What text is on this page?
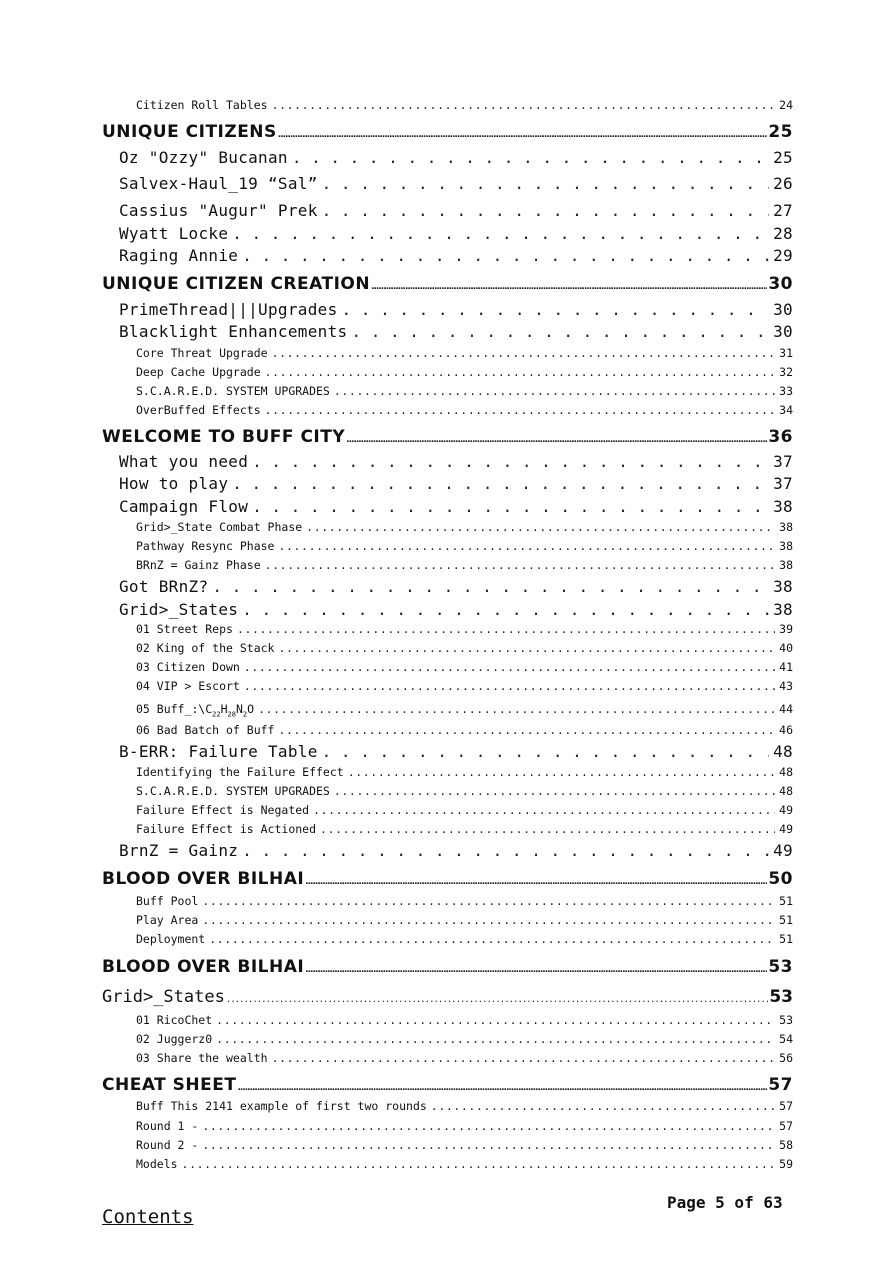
Citizen Roll Tables .....	24
UNIQUE CITIZENS .....	25
Oz "Ozzy" Bucanan . . .	25
Salvex-Haul_19 “Sal” . . .	26
Cassius "Augur" Prek . . .	27
Wyatt Locke . . .	28
Raging Annie . . .	29
UNIQUE CITIZEN CREATION .....	30
PrimeThread|||Upgrades . . .	30
Blacklight Enhancements . . .	30
Core Threat Upgrade .....	31
Deep Cache Upgrade .....	32
S.C.A.R.E.D. SYSTEM UPGRADES .....	33
OverBuffed Effects .....	34
WELCOME TO BUFF CITY .....	36
What you need . . .	37
How to play . . .	37
Campaign Flow . . .	38
Grid>_State Combat Phase .....	38
Pathway Resync Phase .....	38
BRnZ = Gainz Phase .....	38
Got BRnZ? . . .	38
Grid>_States . . .	38
01 Street Reps .....	39
02 King of the Stack .....	40
03 Citizen Down .....	41
04 VIP > Escort .....	43
05 $Buff\_:\backslash C_{22}H_{28}N_2O$ .....	44
06 Bad Batch of Buff .....	46
B-ERR: Failure Table . . .	48
Identifying the Failure Effect .....	48
S.C.A.R.E.D. SYSTEM UPGRADES .....	48
Failure Effect is Negated .....	49
Failure Effect is Actioned .....	49
BrnZ = Gainz . . .	49
BLOOD OVER BILHAI .....	50
Buff Pool .....	51
Play Area .....	51
Deployment .....	51
BLOOD OVER BILHAI .....	53
Grid>_States .....	53
01 RicoChet .....	53
02 Juggerz0 .....	54
03 Share the wealth .....	56
CHEAT SHEET .....	57
Buff This 2141 example of first two rounds .....	57
Round 1 - .....	57
Round 2 - .....	58
Models .....	59
Page 5 of 63
Contents
